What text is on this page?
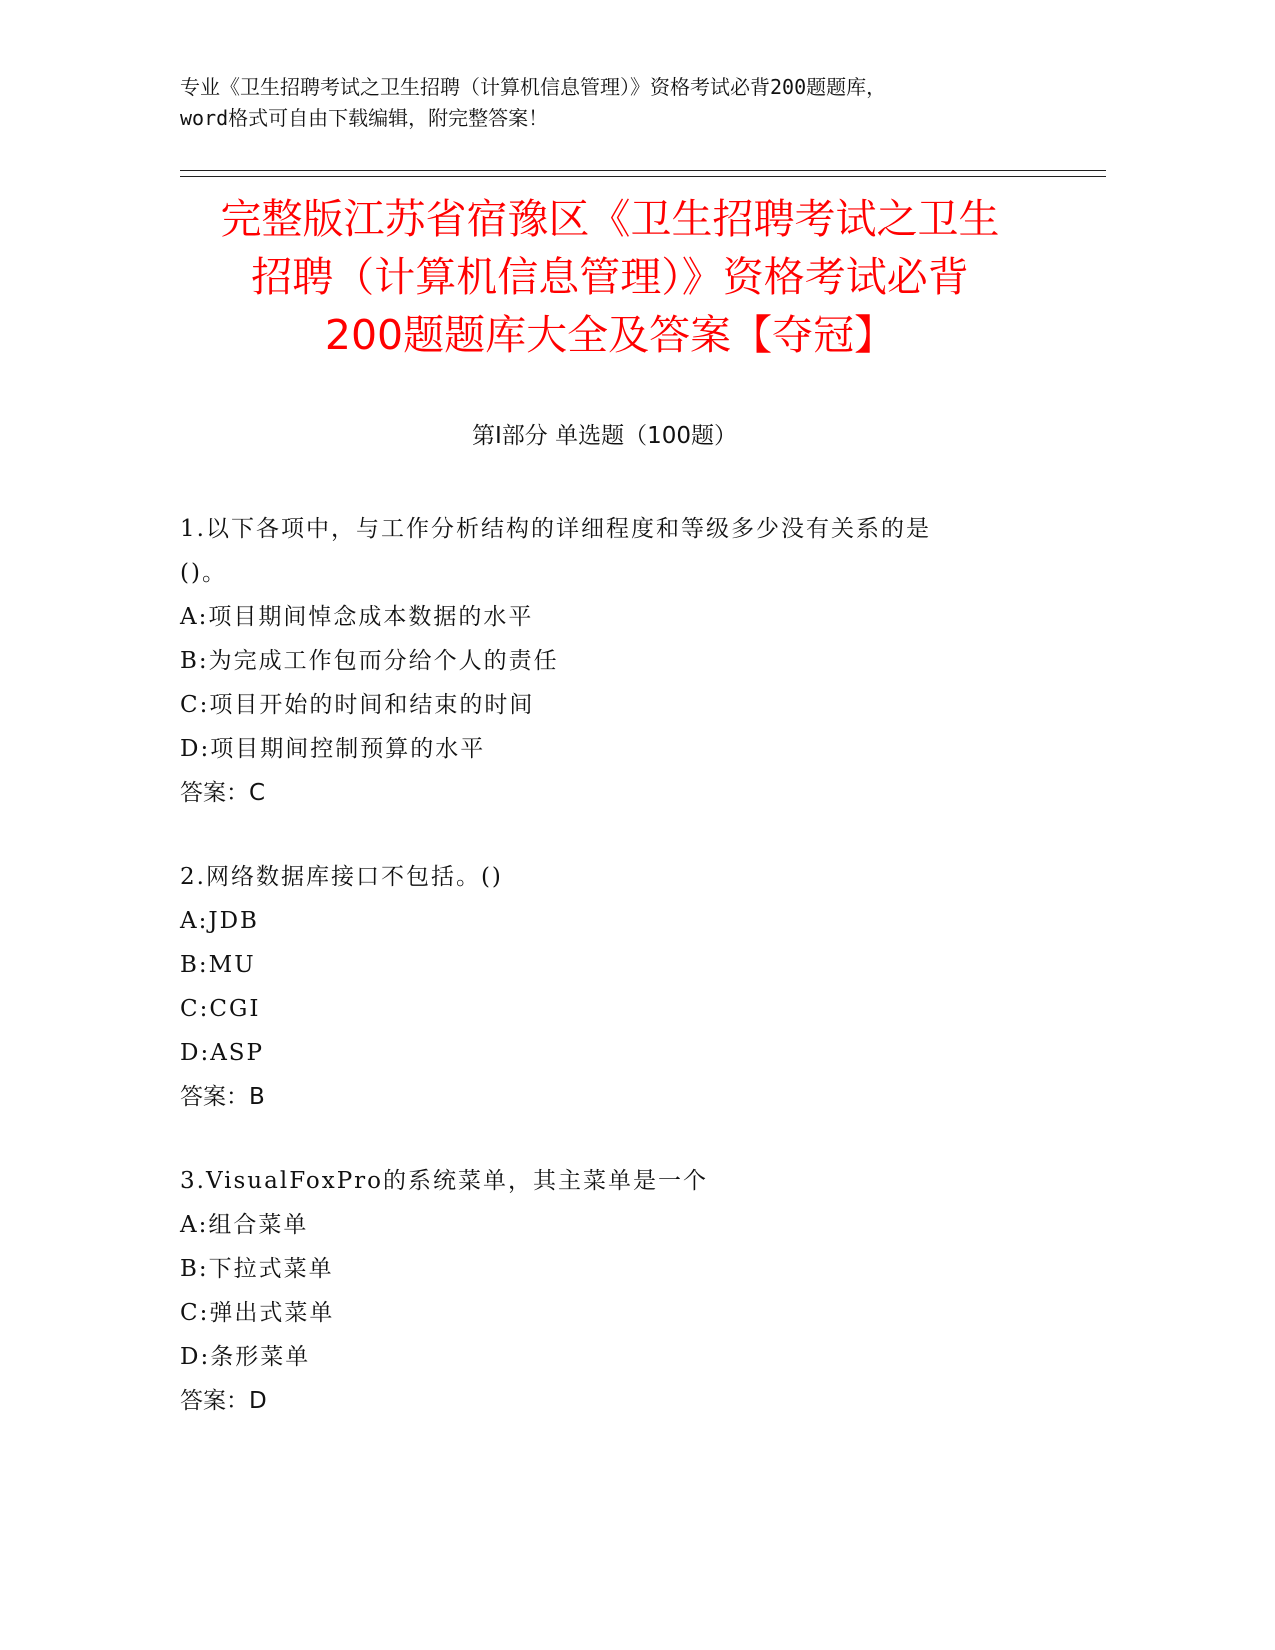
专业《卫生招聘考试之卫生招聘（计算机信息管理）》资格考试必背200题题库，
word格式可自由下载编辑，附完整答案！
完整版江苏省宿豫区《卫生招聘考试之卫生
招聘（计算机信息管理）》资格考试必背
200题题库大全及答案【夺冠】
第Ⅰ部分 单选题（100题）
1.以下各项中，与工作分析结构的详细程度和等级多少没有关系的是
()。
A:项目期间悼念成本数据的水平
B:为完成工作包而分给个人的责任
C:项目开始的时间和结束的时间
D:项目期间控制预算的水平
答案：C
2.网络数据库接口不包括。()
A:JDB
B:MU
C:CGI
D:ASP
答案：B
3.VisualFoxPro的系统菜单，其主菜单是一个
A:组合菜单
B:下拉式菜单
C:弹出式菜单
D:条形菜单
答案：D
